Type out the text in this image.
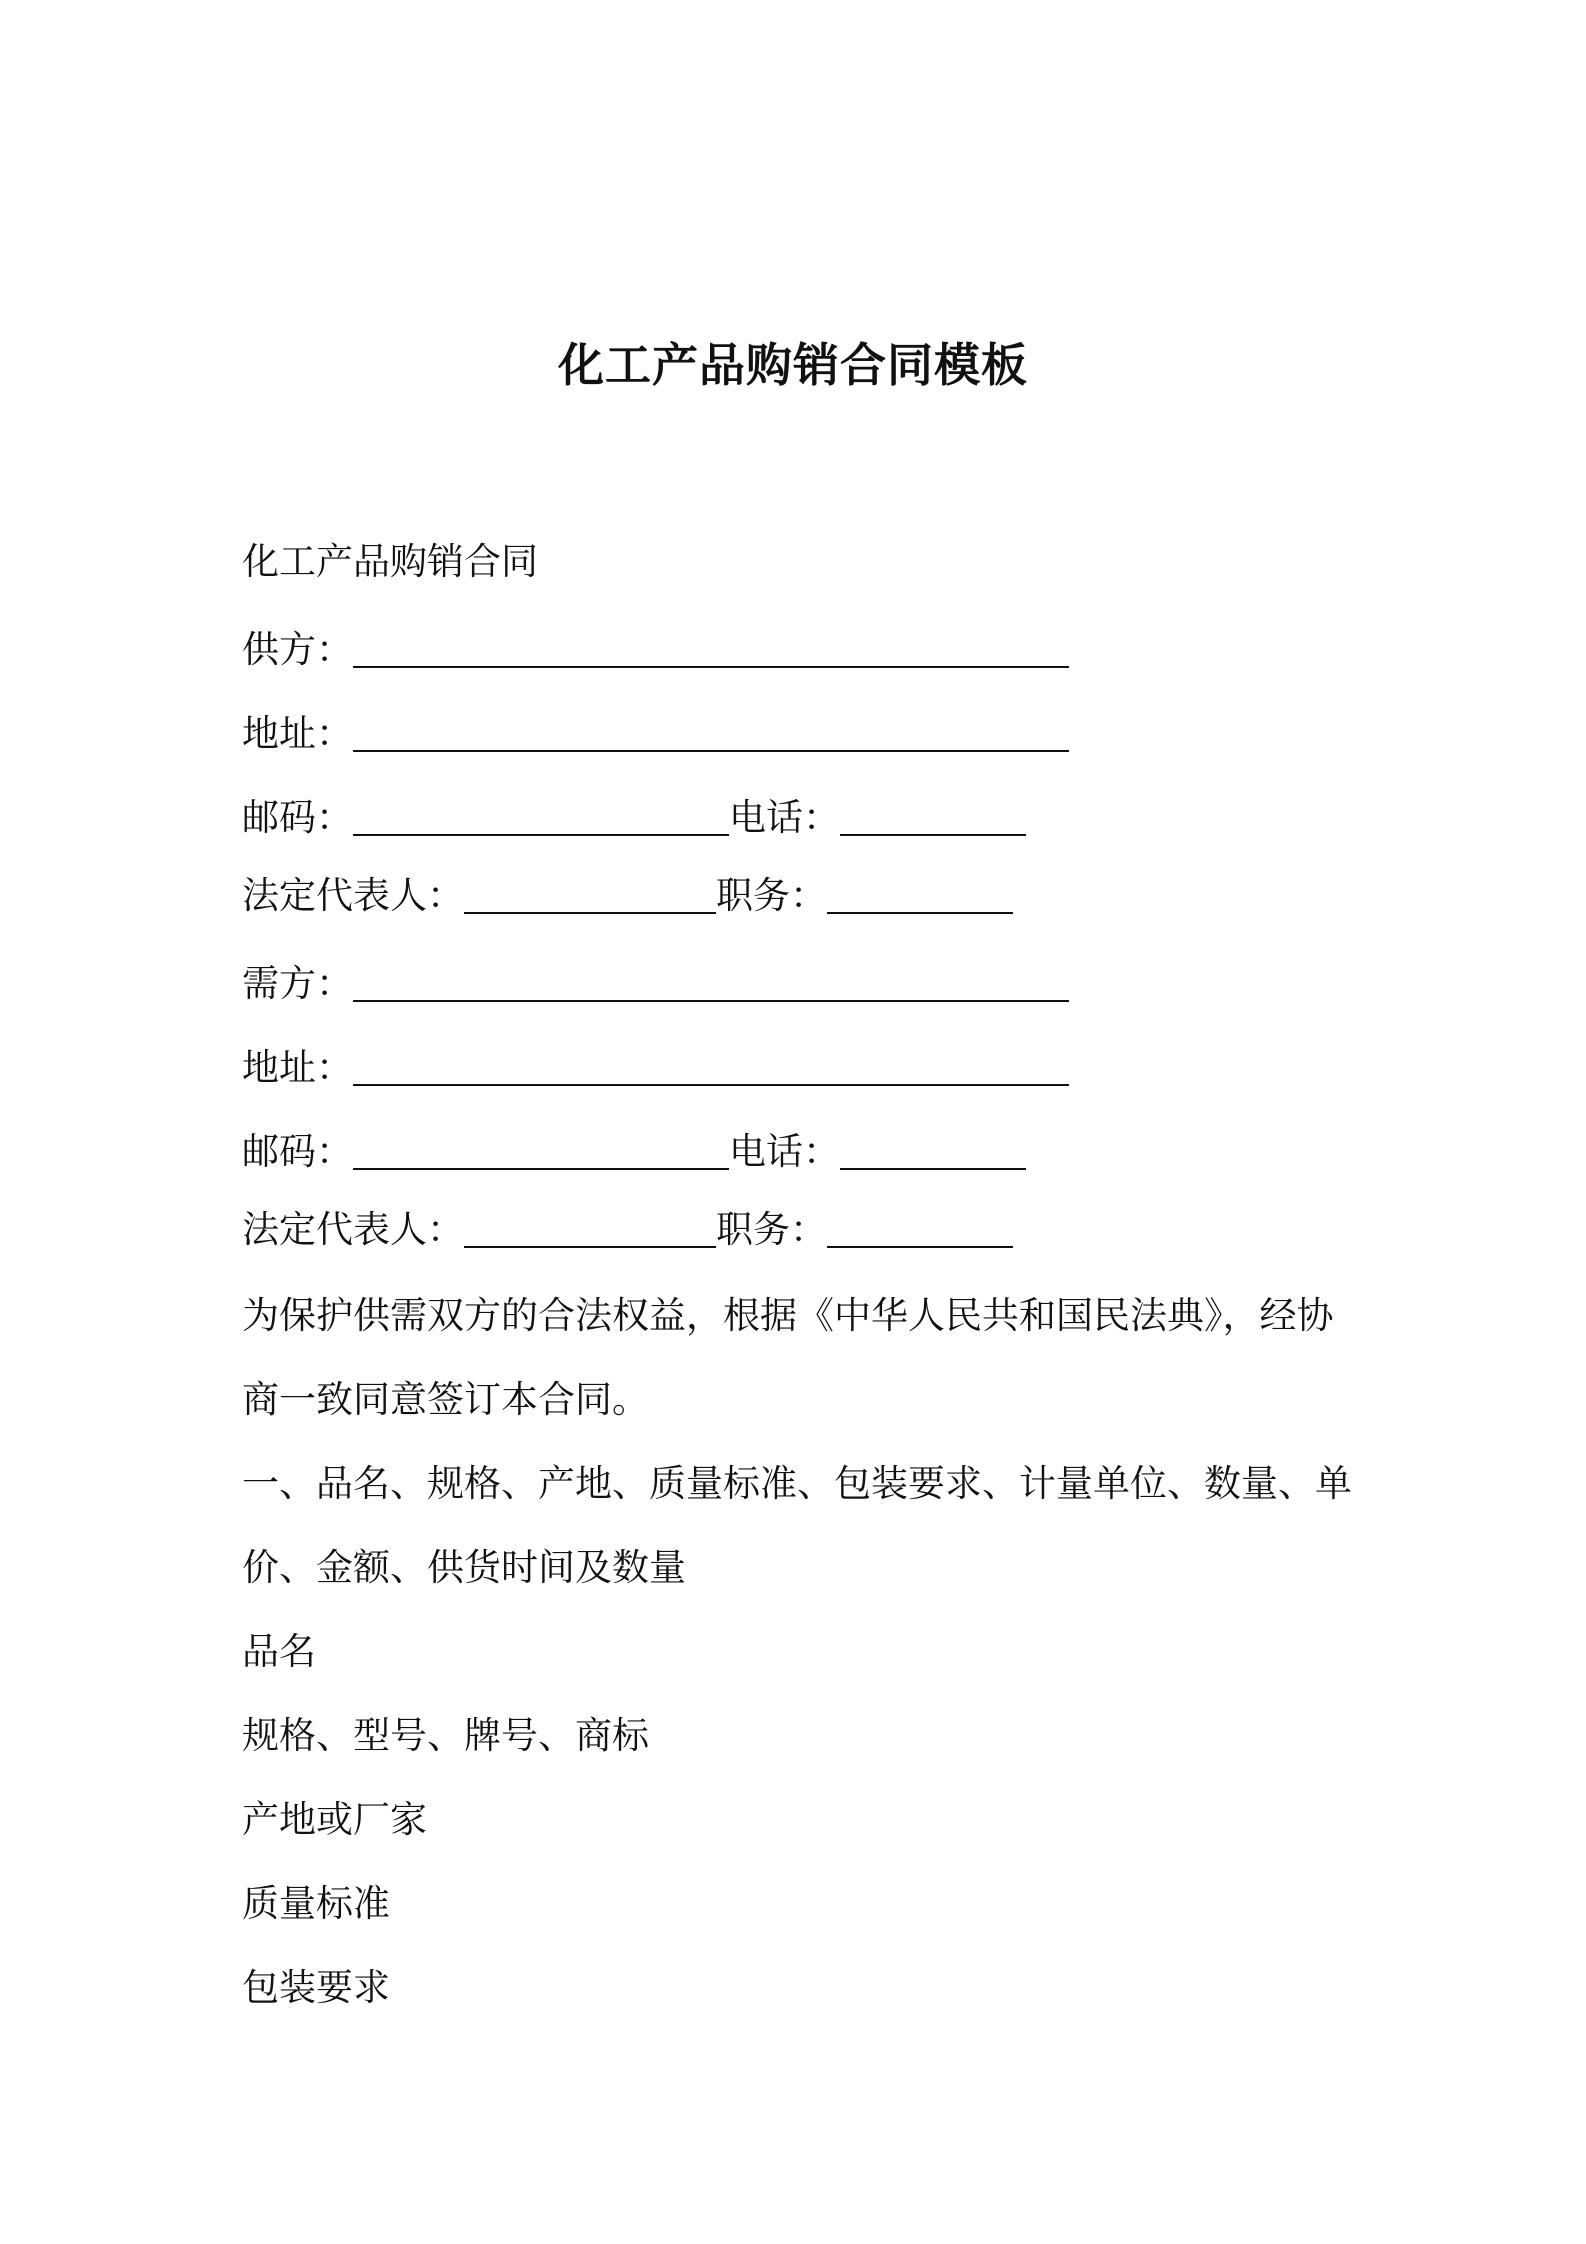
化工产品购销合同模板
化工产品购销合同
供方：
地址：
邮码：	电话：
法定代表人：	职务：
需方：
地址：
邮码：	电话：
法定代表人：	职务：
为保护供需双方的合法权益，根据《中华人民共和国民法典》，经协
商一致同意签订本合同。
一、品名、规格、产地、质量标准、包装要求、计量单位、数量、单
价、金额、供货时间及数量
品名
规格、型号、牌号、商标
产地或厂家
质量标准
包装要求
